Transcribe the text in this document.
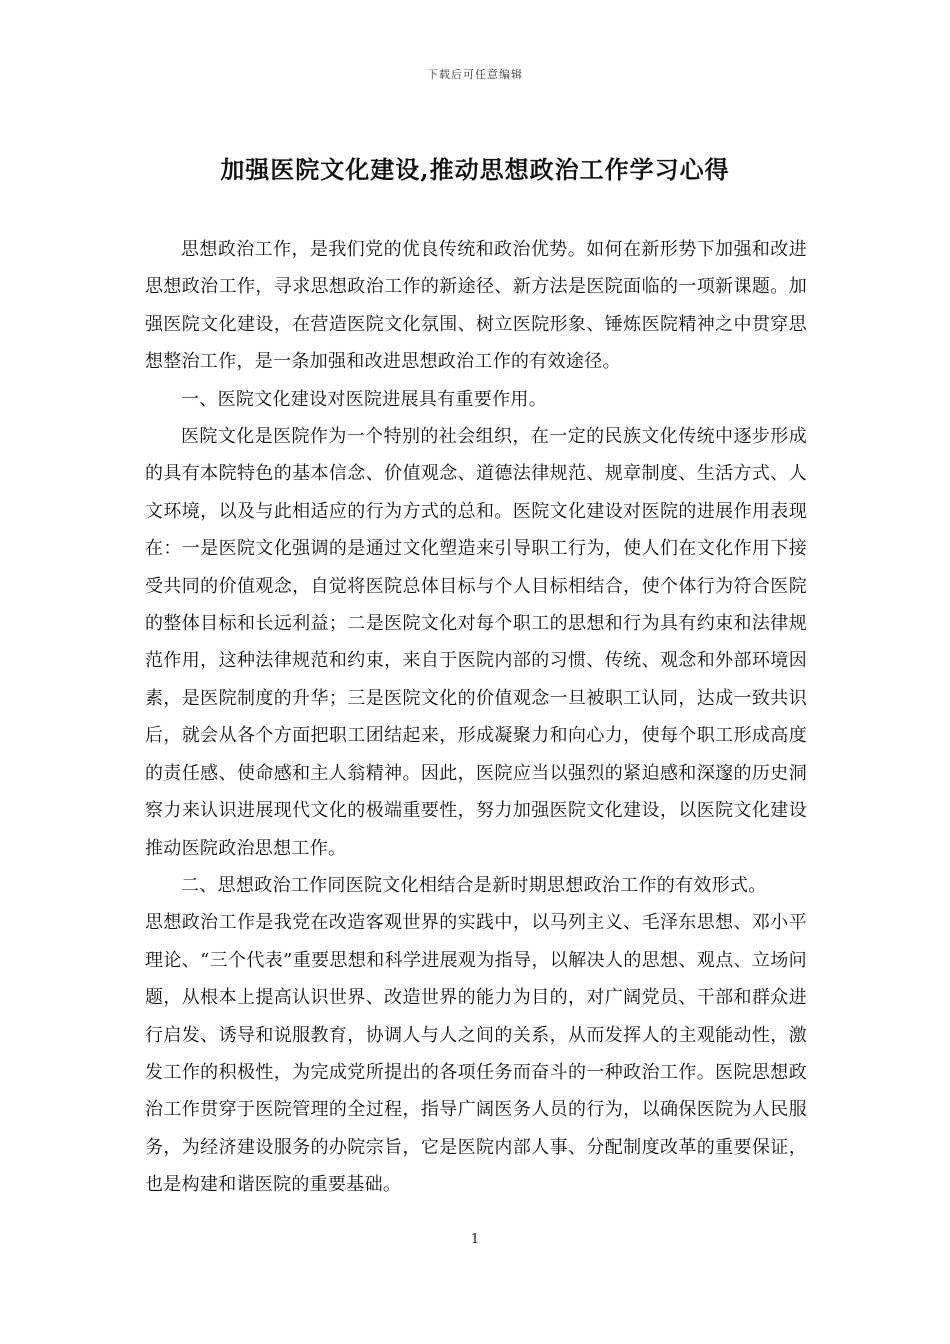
下载后可任意编辑
加强医院文化建设,推动思想政治工作学习心得

思想政治工作，是我们党的优良传统和政治优势。如何在新形势下加强和改进思想政治工作，寻求思想政治工作的新途径、新方法是医院面临的一项新课题。加强医院文化建设，在营造医院文化氛围、树立医院形象、锤炼医院精神之中贯穿思想整治工作，是一条加强和改进思想政治工作的有效途径。

一、医院文化建设对医院进展具有重要作用。

医院文化是医院作为一个特别的社会组织，在一定的民族文化传统中逐步形成的具有本院特色的基本信念、价值观念、道德法律规范、规章制度、生活方式、人文环境，以及与此相适应的行为方式的总和。医院文化建设对医院的进展作用表现在：一是医院文化强调的是通过文化塑造来引导职工行为，使人们在文化作用下接受共同的价值观念，自觉将医院总体目标与个人目标相结合，使个体行为符合医院的整体目标和长远利益；二是医院文化对每个职工的思想和行为具有约束和法律规范作用，这种法律规范和约束，来自于医院内部的习惯、传统、观念和外部环境因素，是医院制度的升华；三是医院文化的价值观念一旦被职工认同，达成一致共识后，就会从各个方面把职工团结起来，形成凝聚力和向心力，使每个职工形成高度的责任感、使命感和主人翁精神。因此，医院应当以强烈的紧迫感和深邃的历史洞察力来认识进展现代文化的极端重要性，努力加强医院文化建设，以医院文化建设推动医院政治思想工作。

二、思想政治工作同医院文化相结合是新时期思想政治工作的有效形式。

思想政治工作是我党在改造客观世界的实践中，以马列主义、毛泽东思想、邓小平理论、“三个代表”重要思想和科学进展观为指导，以解决人的思想、观点、立场问题，从根本上提高认识世界、改造世界的能力为目的，对广阔党员、干部和群众进行启发、诱导和说服教育，协调人与人之间的关系，从而发挥人的主观能动性，激发工作的积极性，为完成党所提出的各项任务而奋斗的一种政治工作。医院思想政治工作贯穿于医院管理的全过程，指导广阔医务人员的行为，以确保医院为人民服务，为经济建设服务的办院宗旨，它是医院内部人事、分配制度改革的重要保证，也是构建和谐医院的重要基础。

1
